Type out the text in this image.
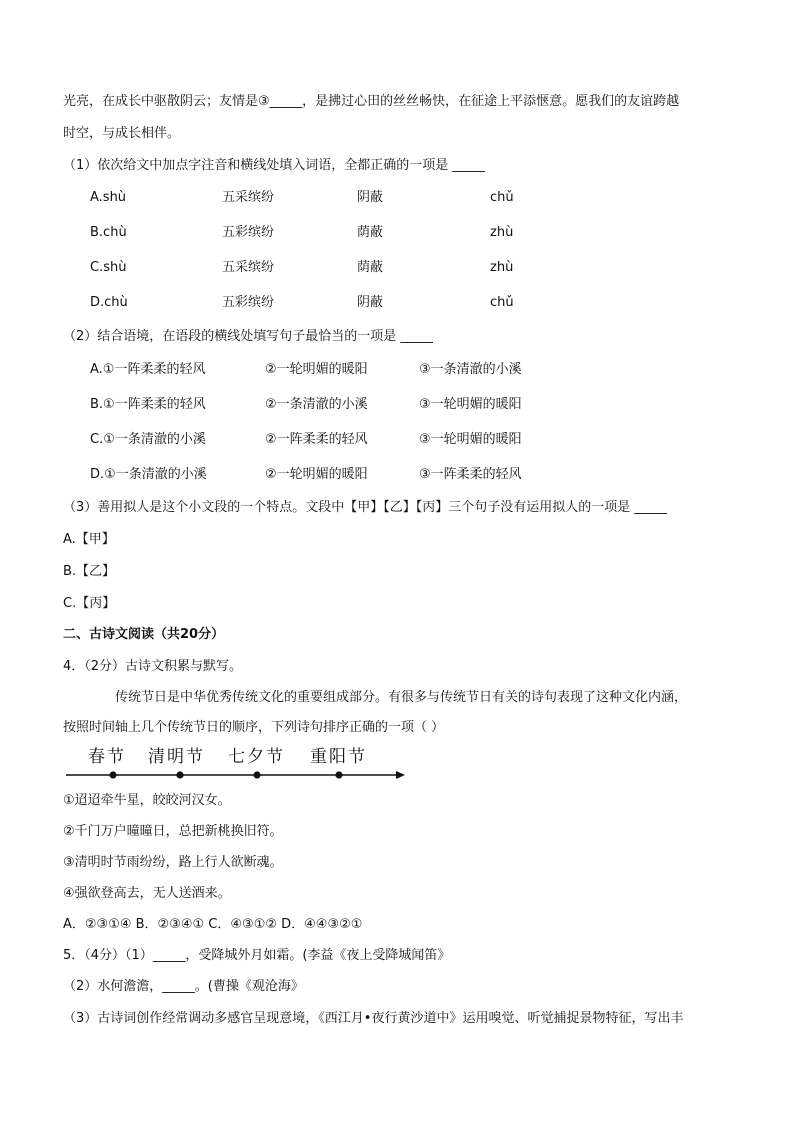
光亮，在成长中驱散阴云；友情是③_____，是拂过心田的丝丝畅快，在征途上平添惬意。愿我们的友谊跨越
时空，与成长相伴。
（1）依次给文中加点字注音和横线处填入词语，全都正确的一项是 _____
A.shù	五采缤纷	阴蔽	chǔ
B.chù	五彩缤纷	荫蔽	zhù
C.shù	五采缤纷	荫蔽	zhù
D.chù	五彩缤纷	阴蔽	chǔ
（2）结合语境，在语段的横线处填写句子最恰当的一项是 _____
A.①一阵柔柔的轻风	②一轮明媚的暖阳	③一条清澈的小溪
B.①一阵柔柔的轻风	②一条清澈的小溪	③一轮明媚的暖阳
C.①一条清澈的小溪	②一阵柔柔的轻风	③一轮明媚的暖阳
D.①一条清澈的小溪	②一轮明媚的暖阳	③一阵柔柔的轻风
（3）善用拟人是这个小文段的一个特点。文段中【甲】【乙】【丙】三个句子没有运用拟人的一项是 _____
A.【甲】
B.【乙】
C.【丙】
二、古诗文阅读（共20分）
4．（2分）古诗文积累与默写。
传统节日是中华优秀传统文化的重要组成部分。有很多与传统节日有关的诗句表现了这种文化内涵，
按照时间轴上几个传统节日的顺序，下列诗句排序正确的一项（ ）
春节 清明节 七夕节 重阳节
①迢迢牵牛星，皎皎河汉女。
②千门万户曈曈日，总把新桃换旧符。
③清明时节雨纷纷，路上行人欲断魂。
④强欲登高去，无人送酒来。
A．②③①④ B．②③④① C．④③①② D．④④③②①
5．（4分）（1）_____，受降城外月如霜。(李益《夜上受降城闻笛》
（2）水何澹澹，_____。(曹操《观沧海》
（3）古诗词创作经常调动多感官呈现意境，《西江月•夜行黄沙道中》运用嗅觉、听觉捕捉景物特征，写出丰
